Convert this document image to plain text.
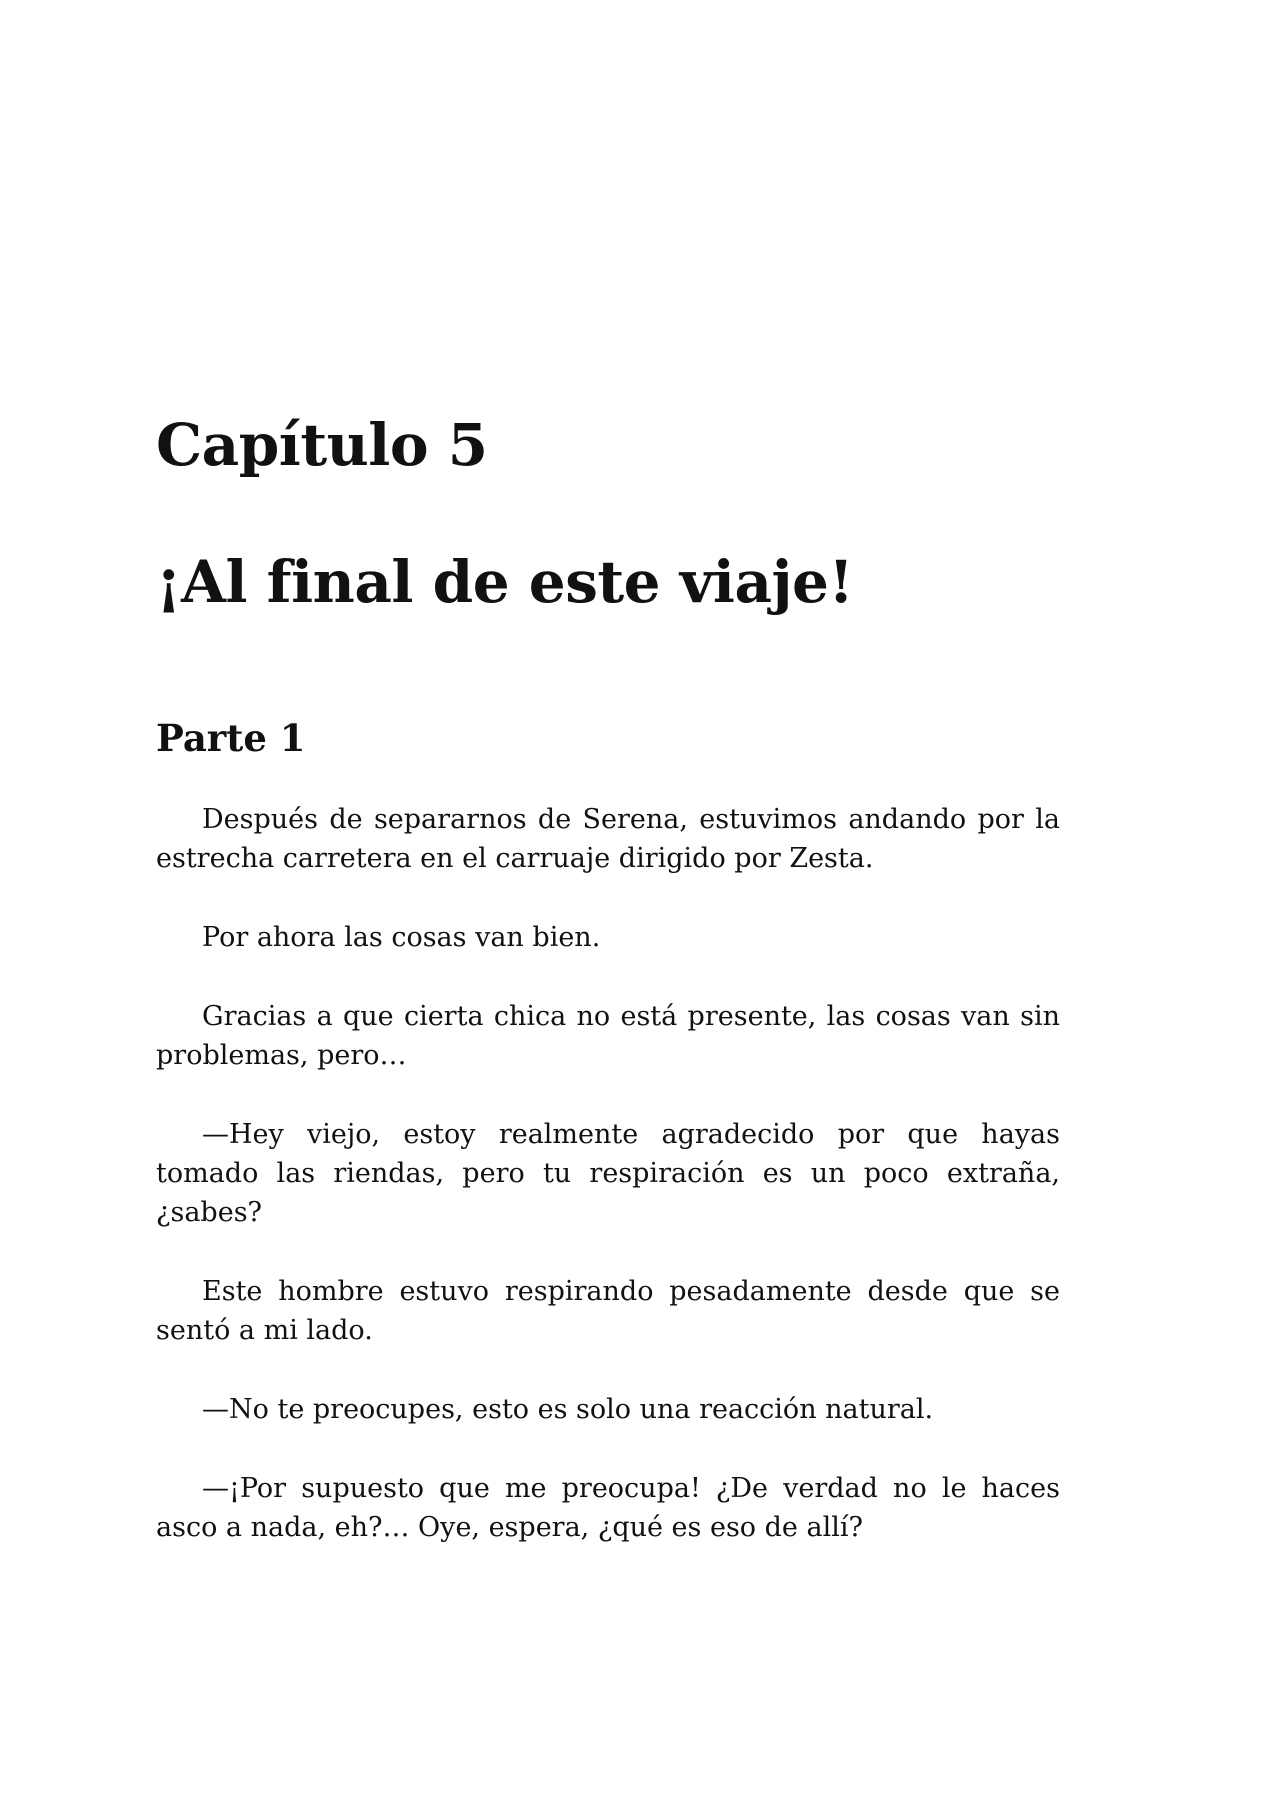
Capítulo 5
¡Al final de este viaje!
Parte 1

Después de separarnos de Serena, estuvimos andando por la estrecha carretera en el carruaje dirigido por Zesta.

Por ahora las cosas van bien.

Gracias a que cierta chica no está presente, las cosas van sin problemas, pero…

—Hey viejo, estoy realmente agradecido por que hayas tomado las riendas, pero tu respiración es un poco extraña, ¿sabes?

Este hombre estuvo respirando pesadamente desde que se sentó a mi lado.

—No te preocupes, esto es solo una reacción natural.

—¡Por supuesto que me preocupa! ¿De verdad no le haces asco a nada, eh?… Oye, espera, ¿qué es eso de allí?
